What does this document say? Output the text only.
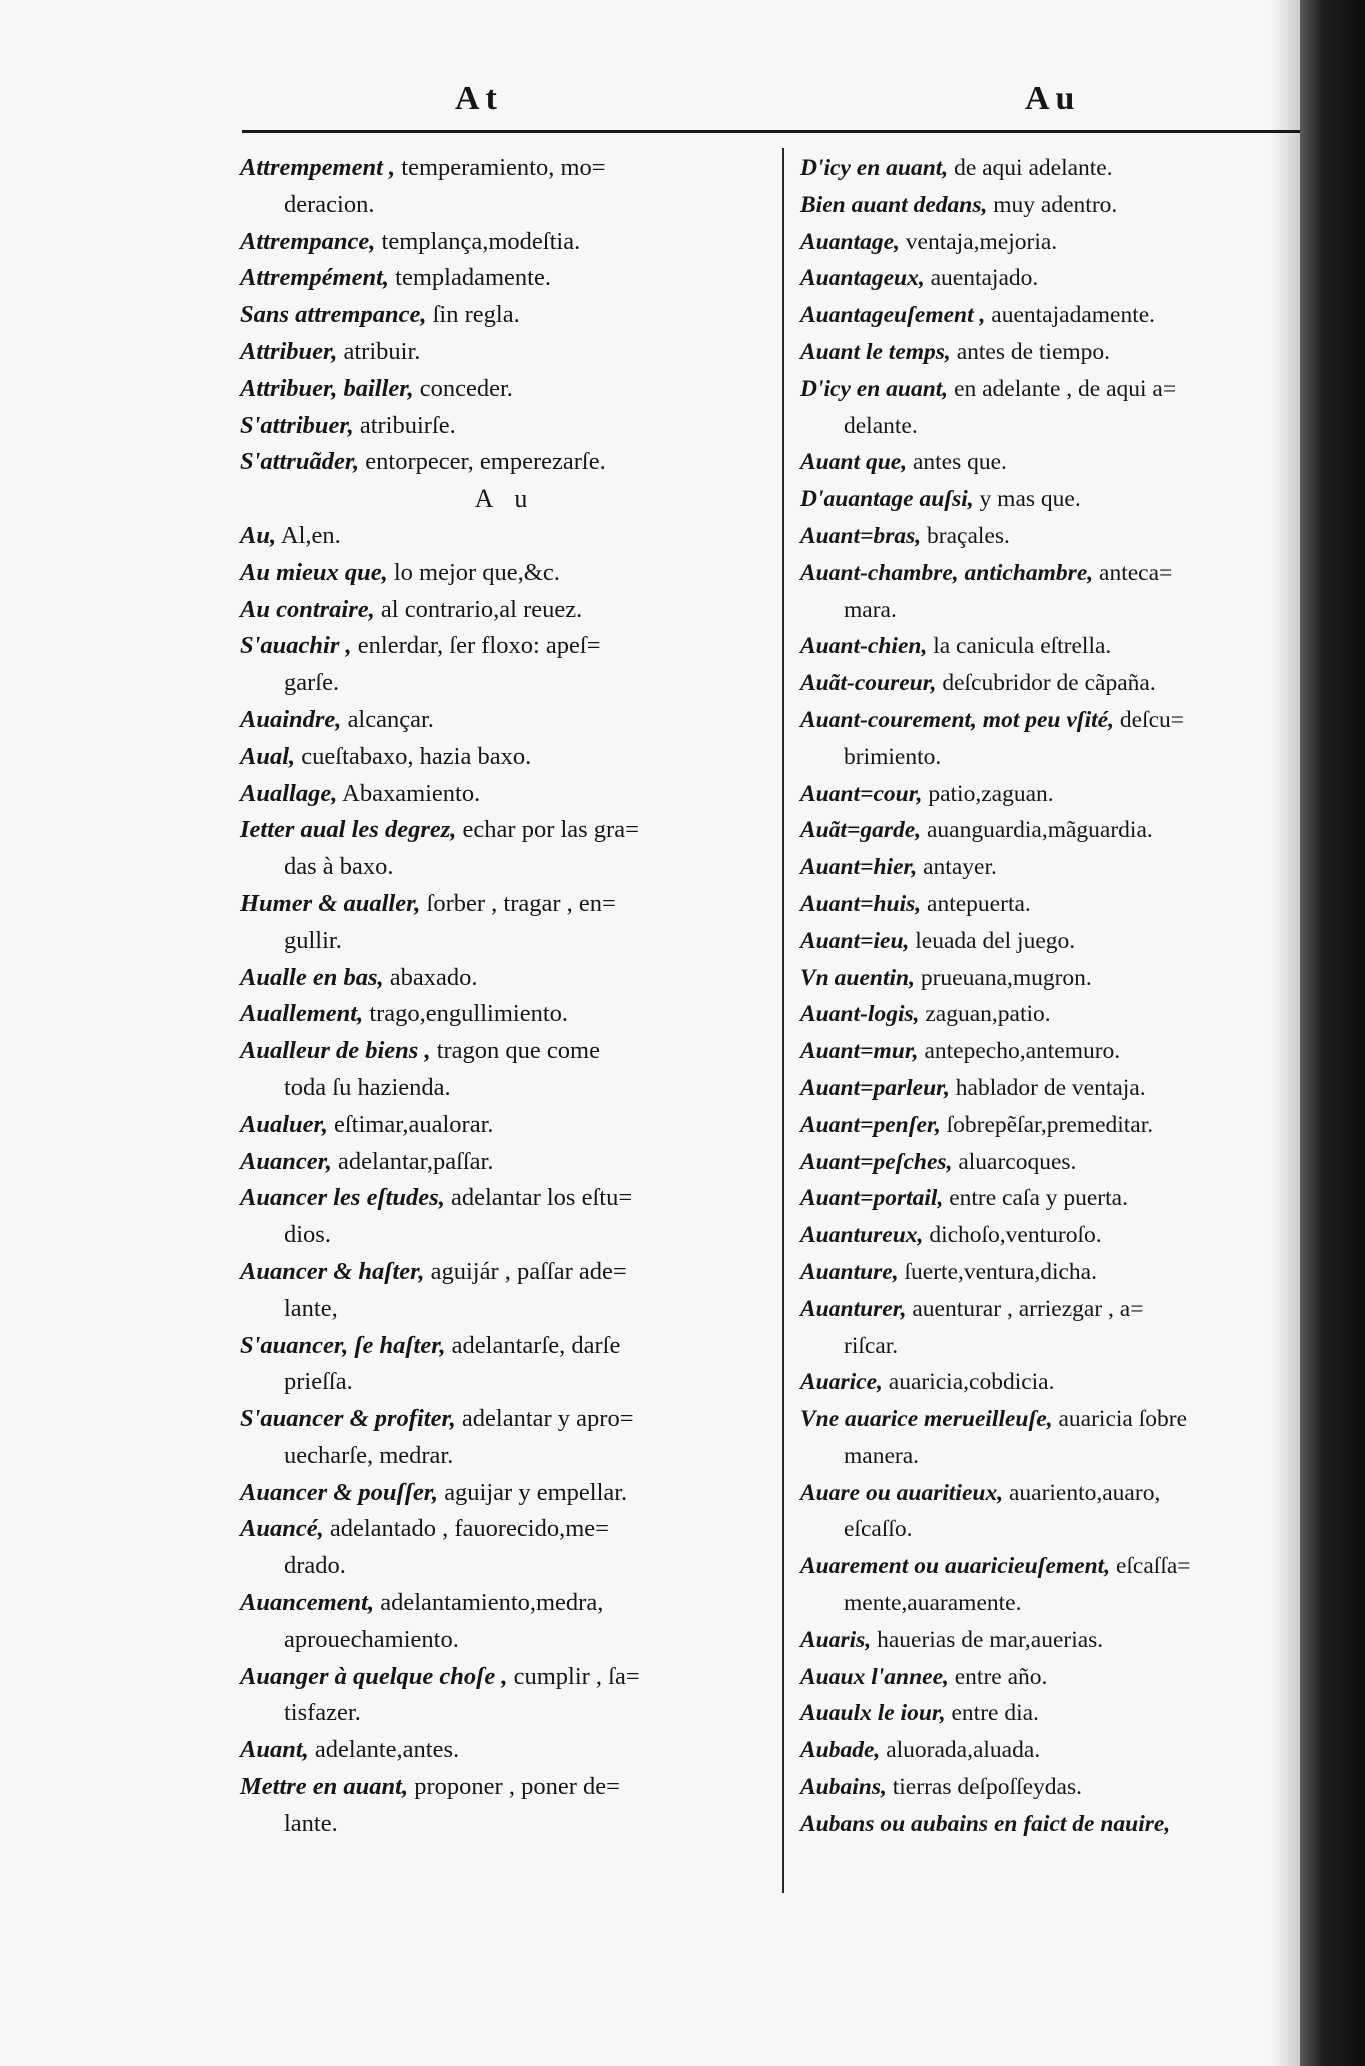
At	Au
Attrempement , temperamiento, mo=
deracion.
Attrempance, templança,modeſtia.
Attrempément, templadamente.
Sans attrempance, ſin regla.
Attribuer, atribuir.
Attribuer, bailler, conceder.
S'attribuer, atribuirſe.
S'attruãder, entorpecer, emperezarſe.
A u
Au, Al,en.
Au mieux que, lo mejor que,&c.
Au contraire, al contrario,al reuez.
S'auachir , enlerdar, ſer floxo: apeſ=
garſe.
Auaindre, alcançar.
Aual, cueſtabaxo, hazia baxo.
Auallage, Abaxamiento.
Ietter aual les degrez, echar por las gra=
das à baxo.
Humer & aualler, ſorber , tragar , en=
gullir.
Aualle en bas, abaxado.
Auallement, trago,engullimiento.
Aualleur de biens , tragon que come
toda ſu hazienda.
Aualuer, eſtimar,aualorar.
Auancer, adelantar,paſſar.
Auancer les eſtudes, adelantar los eſtu=
dios.
Auancer & haſter, aguijár , paſſar ade=
lante,
S'auancer, ſe haſter, adelantarſe, darſe
prieſſa.
S'auancer & profiter, adelantar y apro=
uecharſe, medrar.
Auancer & pouſſer, aguijar y empellar.
Auancé, adelantado , fauorecido,me=
drado.
Auancement, adelantamiento,medra,
aprouechamiento.
Auanger à quelque choſe , cumplir , ſa=
tisfazer.
Auant, adelante,antes.
Mettre en auant, proponer , poner de=
lante.
D'icy en auant, de aqui adelante.
Bien auant dedans, muy adentro.
Auantage, ventaja,mejoria.
Auantageux, auentajado.
Auantageuſement , auentajadamente.
Auant le temps, antes de tiempo.
D'icy en auant, en adelante , de aqui a=
delante.
Auant que, antes que.
D'auantage auſsi, y mas que.
Auant=bras, braçales.
Auant-chambre, antichambre, anteca=
mara.
Auant-chien, la canicula eſtrella.
Auãt-coureur, deſcubridor de cãpaña.
Auant-courement, mot peu vſité, deſcu=
brimiento.
Auant=cour, patio,zaguan.
Auãt=garde, auanguardia,mãguardia.
Auant=hier, antayer.
Auant=huis, antepuerta.
Auant=ieu, leuada del juego.
Vn auentin, prueuana,mugron.
Auant-logis, zaguan,patio.
Auant=mur, antepecho,antemuro.
Auant=parleur, hablador de ventaja.
Auant=penſer, ſobrepẽſar,premeditar.
Auant=peſches, aluarcoques.
Auant=portail, entre caſa y puerta.
Auantureux, dichoſo,venturoſo.
Auanture, ſuerte,ventura,dicha.
Auanturer, auenturar , arriezgar , a=
riſcar.
Auarice, auaricia,cobdicia.
Vne auarice merueilleuſe, auaricia ſobre
manera.
Auare ou auaritieux, auariento,auaro,
eſcaſſo.
Auarement ou auaricieuſement, eſcaſſa=
mente,auaramente.
Auaris, hauerias de mar,auerias.
Auaux l'annee, entre año.
Auaulx le iour, entre dia.
Aubade, aluorada,aluada.
Aubains, tierras deſpoſſeydas.
Aubans ou aubains en faict de nauire,
